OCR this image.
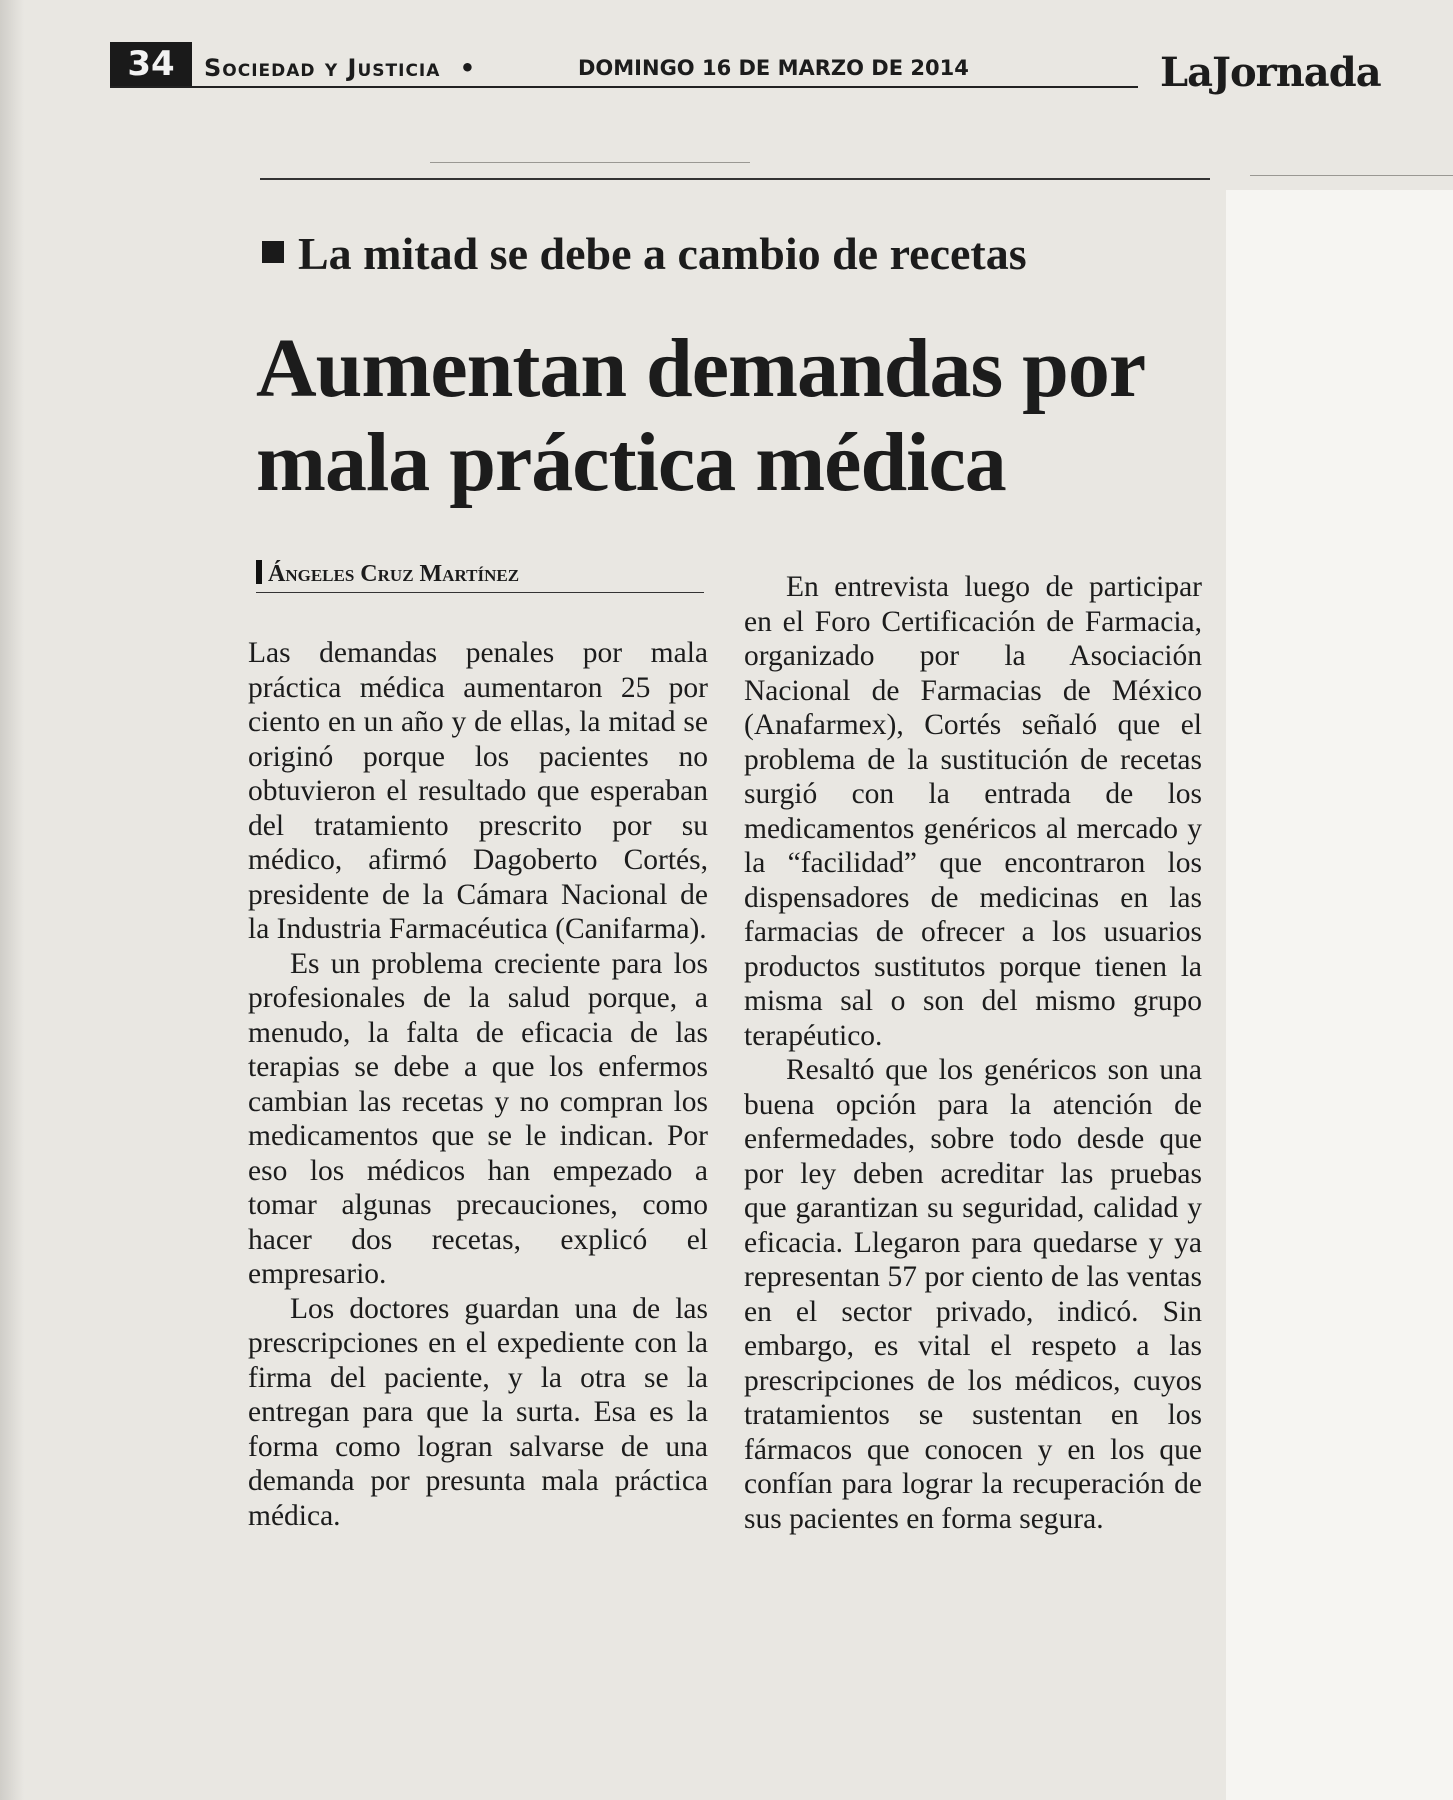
34	Sociedad y Justicia •	DOMINGO 16 DE MARZO DE 2014	LaJornada
La mitad se debe a cambio de recetas
Aumentan demandas por
mala práctica médica
Ángeles Cruz Martínez

Las demandas penales por mala práctica médica aumentaron 25 por ciento en un año y de ellas, la mitad se originó porque los pacientes no obtuvieron el resultado que esperaban del tratamiento prescrito por su médico, afirmó Dagoberto Cortés, presidente de la Cámara Nacional de la Industria Farmacéutica (Canifarma).

Es un problema creciente para los profesionales de la salud porque, a menudo, la falta de eficacia de las terapias se debe a que los enfermos cambian las recetas y no compran los medicamentos que se le indican. Por eso los médicos han empezado a tomar algunas precauciones, como hacer dos recetas, explicó el empresario.

Los doctores guardan una de las prescripciones en el expediente con la firma del paciente, y la otra se la entregan para que la surta. Esa es la forma como logran salvarse de una demanda por presunta mala práctica médica.

En entrevista luego de participar en el Foro Certificación de Farmacia, organizado por la Asociación Nacional de Farmacias de México (Anafarmex), Cortés señaló que el problema de la sustitución de recetas surgió con la entrada de los medicamentos genéricos al mercado y la “facilidad” que encontraron los dispensadores de medicinas en las farmacias de ofrecer a los usuarios productos sustitutos porque tienen la misma sal o son del mismo grupo terapéutico.

Resaltó que los genéricos son una buena opción para la atención de enfermedades, sobre todo desde que por ley deben acreditar las pruebas que garantizan su seguridad, calidad y eficacia. Llegaron para quedarse y ya representan 57 por ciento de las ventas en el sector privado, indicó. Sin embargo, es vital el respeto a las prescripciones de los médicos, cuyos tratamientos se sustentan en los fármacos que conocen y en los que confían para lograr la recuperación de sus pacientes en forma segura.
